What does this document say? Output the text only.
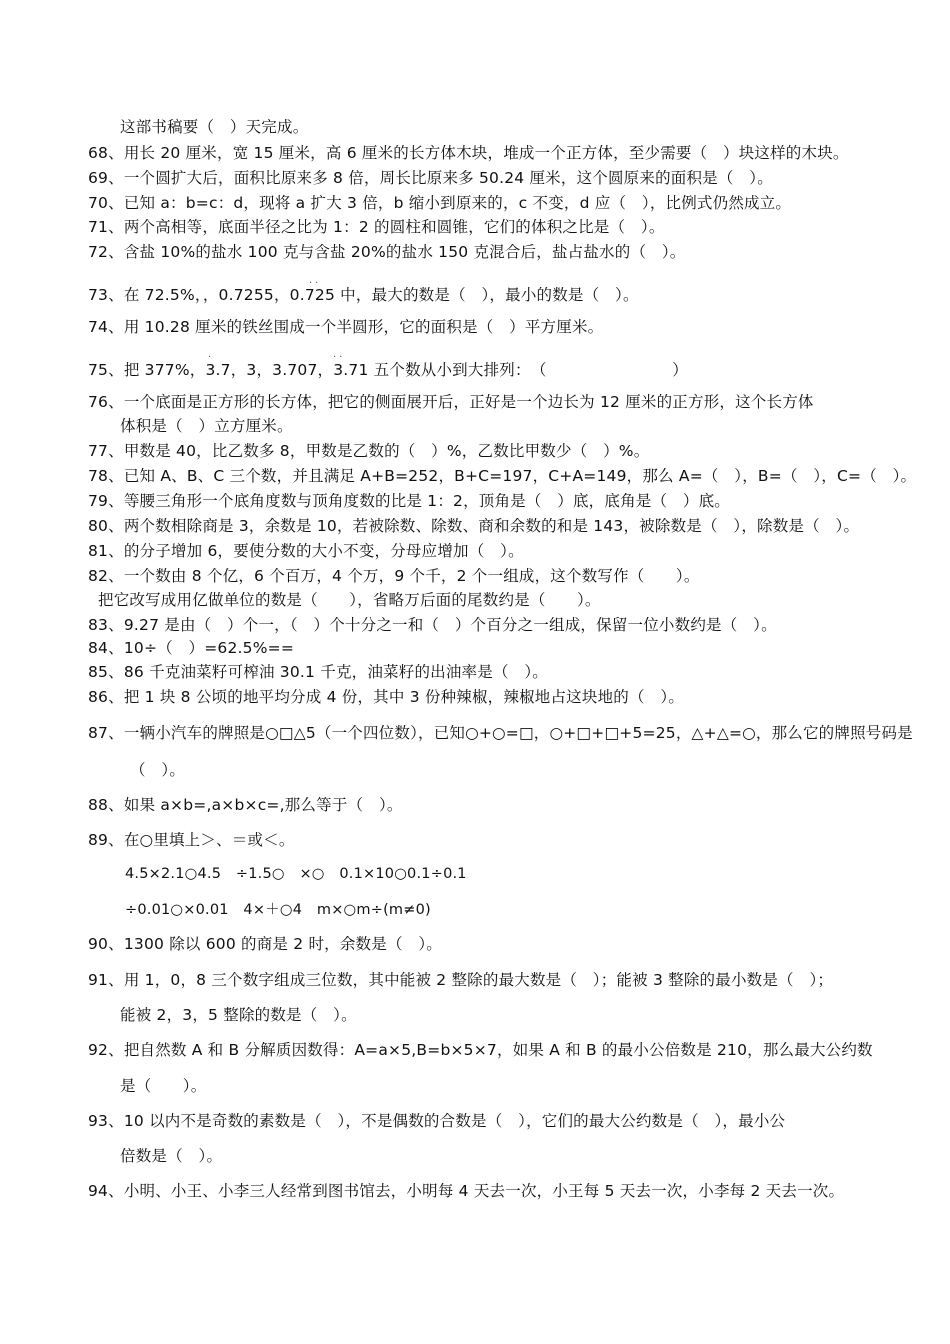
这部书稿要（　）天完成。
68、用长 20 厘米，宽 15 厘米，高 6 厘米的长方体木块，堆成一个正方体，至少需要（　）块这样的木块。
69、一个圆扩大后，面积比原来多 8 倍，周长比原来多 50.24 厘米，这个圆原来的面积是（　）。
70、已知 a：b=c：d，现将 a 扩大 3 倍，b 缩小到原来的，c 不变，d 应（　），比例式仍然成立。
71、两个高相等，底面半径之比为 1：2 的圆柱和圆锥，它们的体积之比是（　）。
72、含盐 10%的盐水 100 克与含盐 20%的盐水 150 克混合后，盐占盐水的（　）。
··
73、在 72.5%，，0.7255，0.725 中，最大的数是（　），最小的数是（　）。
74、用 10.28 厘米的铁丝围成一个半圆形，它的面积是（　）平方厘米。
·	··
75、把 377%，3.7，3，3.707，3.71 五个数从小到大排列：　（　　　　　　　　）
76、一个底面是正方形的长方体，把它的侧面展开后，正好是一个边长为 12 厘米的正方形，这个长方体
体积是（　）立方厘米。
77、甲数是 40，比乙数多 8，甲数是乙数的（　）%，乙数比甲数少（　）%。
78、已知 A、B、C 三个数，并且满足 A+B=252，B+C=197，C+A=149，那么 A=（　），B=（　），C=（　）。
79、等腰三角形一个底角度数与顶角度数的比是 1：2，顶角是（　）底，底角是（　）底。
80、两个数相除商是 3，余数是 10，若被除数、除数、商和余数的和是 143，被除数是（　），除数是（　）。
81、的分子增加 6，要使分数的大小不变，分母应增加（　）。
82、一个数由 8 个亿，6 个百万，4 个万，9 个千，2 个一组成，这个数写作（　　）。
把它改写成用亿做单位的数是（　　），省略万后面的尾数约是（　　）。
83、9.27 是由（　）个一，（　）个十分之一和（　）个百分之一组成，保留一位小数约是（　）。
84、10÷（　）=62.5%==
85、86 千克油菜籽可榨油 30.1 千克，油菜籽的出油率是（　）。
86、把 1 块 8 公顷的地平均分成 4 份，其中 3 份种辣椒，辣椒地占这块地的（　）。
87、一辆小汽车的牌照是○□△5（一个四位数），已知○+○=□，○+□+□+5=25，△+△=○，那么它的牌照号码是
（　）。
88、如果 a×b=,a×b×c=,那么等于（　）。
89、在○里填上＞、＝或＜。
4.5×2.1○4.5　÷1.5○　×○　0.1×10○0.1÷0.1
÷0.01○×0.01　4×＋○4　m×○m÷(m≠0)
90、1300 除以 600 的商是 2 时，余数是（　）。
91、用 1，0，8 三个数字组成三位数，其中能被 2 整除的最大数是（　）；能被 3 整除的最小数是（　）；
能被 2，3，5 整除的数是（　）。
92、把自然数 A 和 B 分解质因数得：A=a×5,B=b×5×7，如果 A 和 B 的最小公倍数是 210，那么最大公约数
是（　　）。
93、10 以内不是奇数的素数是（　），不是偶数的合数是（　），它们的最大公约数是（　），最小公
倍数是（　）。
94、小明、小王、小李三人经常到图书馆去，小明每 4 天去一次，小王每 5 天去一次，小李每 2 天去一次。
